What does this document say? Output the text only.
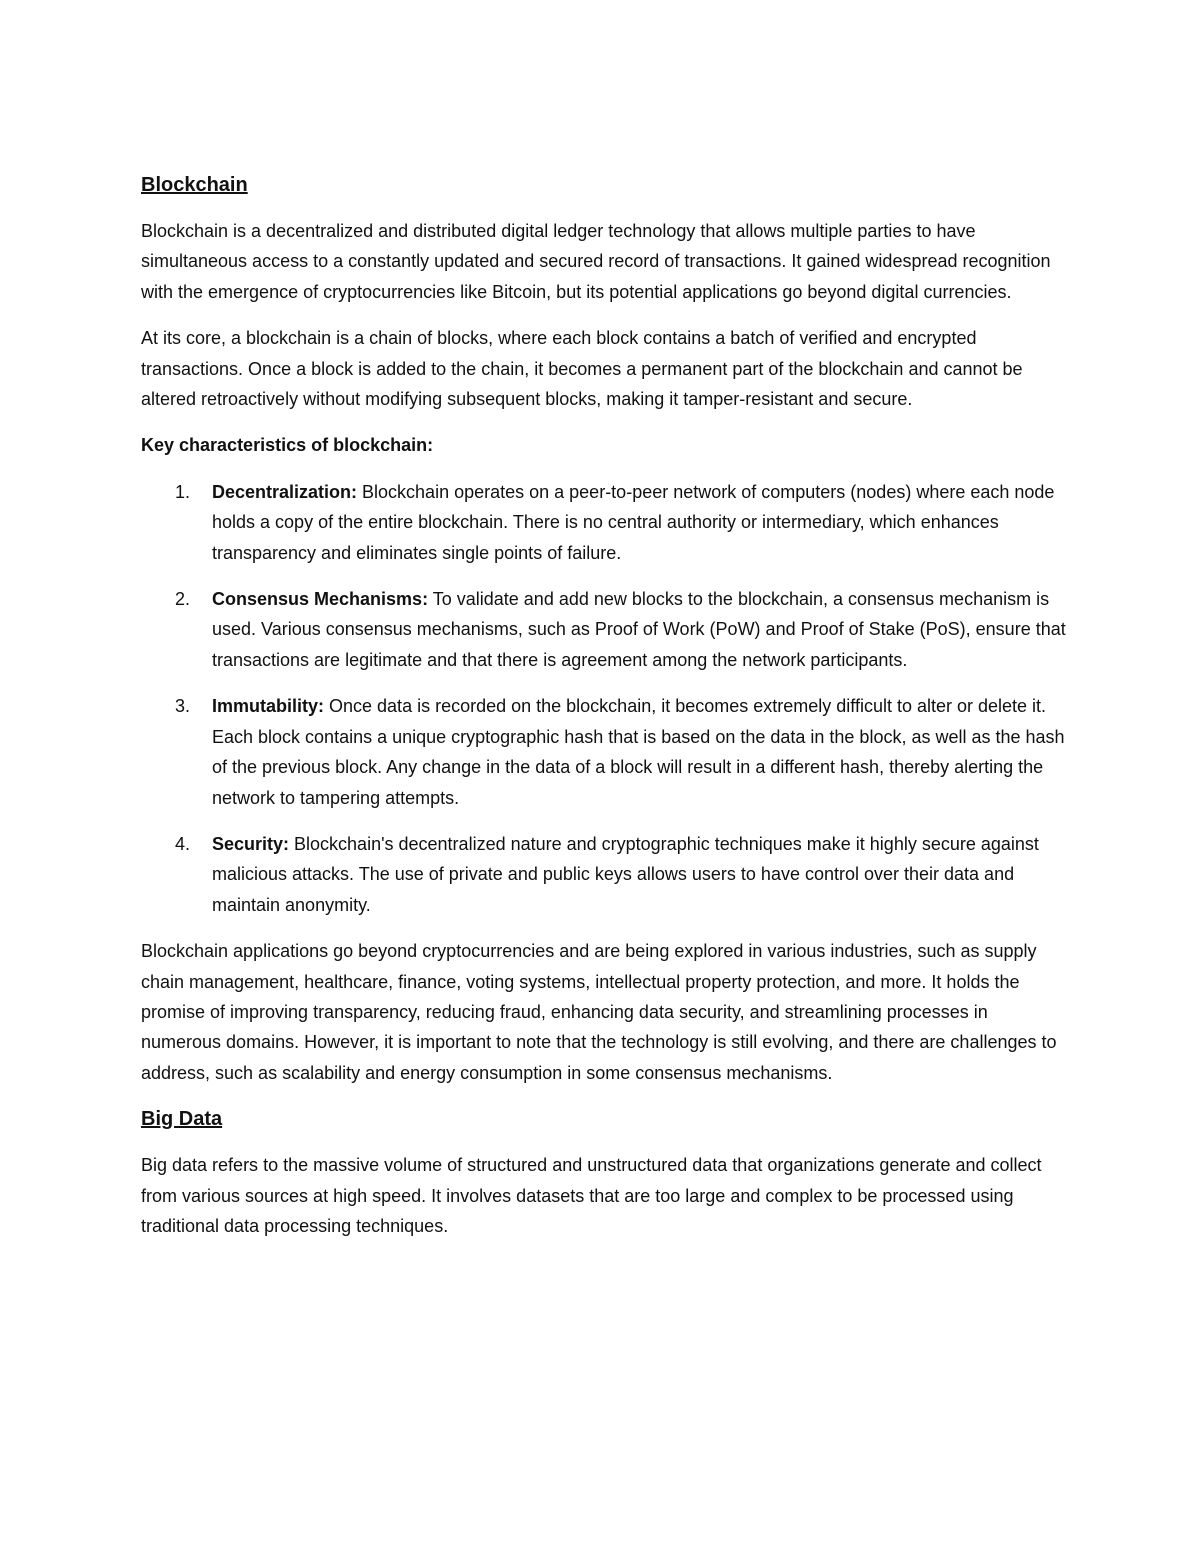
Blockchain

Blockchain is a decentralized and distributed digital ledger technology that allows multiple parties to have simultaneous access to a constantly updated and secured record of transactions. It gained widespread recognition with the emergence of cryptocurrencies like Bitcoin, but its potential applications go beyond digital currencies.

At its core, a blockchain is a chain of blocks, where each block contains a batch of verified and encrypted transactions. Once a block is added to the chain, it becomes a permanent part of the blockchain and cannot be altered retroactively without modifying subsequent blocks, making it tamper-resistant and secure.

Key characteristics of blockchain:

1. Decentralization: Blockchain operates on a peer-to-peer network of computers (nodes) where each node holds a copy of the entire blockchain. There is no central authority or intermediary, which enhances transparency and eliminates single points of failure.
2. Consensus Mechanisms: To validate and add new blocks to the blockchain, a consensus mechanism is used. Various consensus mechanisms, such as Proof of Work (PoW) and Proof of Stake (PoS), ensure that transactions are legitimate and that there is agreement among the network participants.
3. Immutability: Once data is recorded on the blockchain, it becomes extremely difficult to alter or delete it. Each block contains a unique cryptographic hash that is based on the data in the block, as well as the hash of the previous block. Any change in the data of a block will result in a different hash, thereby alerting the network to tampering attempts.
4. Security: Blockchain's decentralized nature and cryptographic techniques make it highly secure against malicious attacks. The use of private and public keys allows users to have control over their data and maintain anonymity.

Blockchain applications go beyond cryptocurrencies and are being explored in various industries, such as supply chain management, healthcare, finance, voting systems, intellectual property protection, and more. It holds the promise of improving transparency, reducing fraud, enhancing data security, and streamlining processes in numerous domains. However, it is important to note that the technology is still evolving, and there are challenges to address, such as scalability and energy consumption in some consensus mechanisms.

Big Data

Big data refers to the massive volume of structured and unstructured data that organizations generate and collect from various sources at high speed. It involves datasets that are too large and complex to be processed using traditional data processing techniques.
